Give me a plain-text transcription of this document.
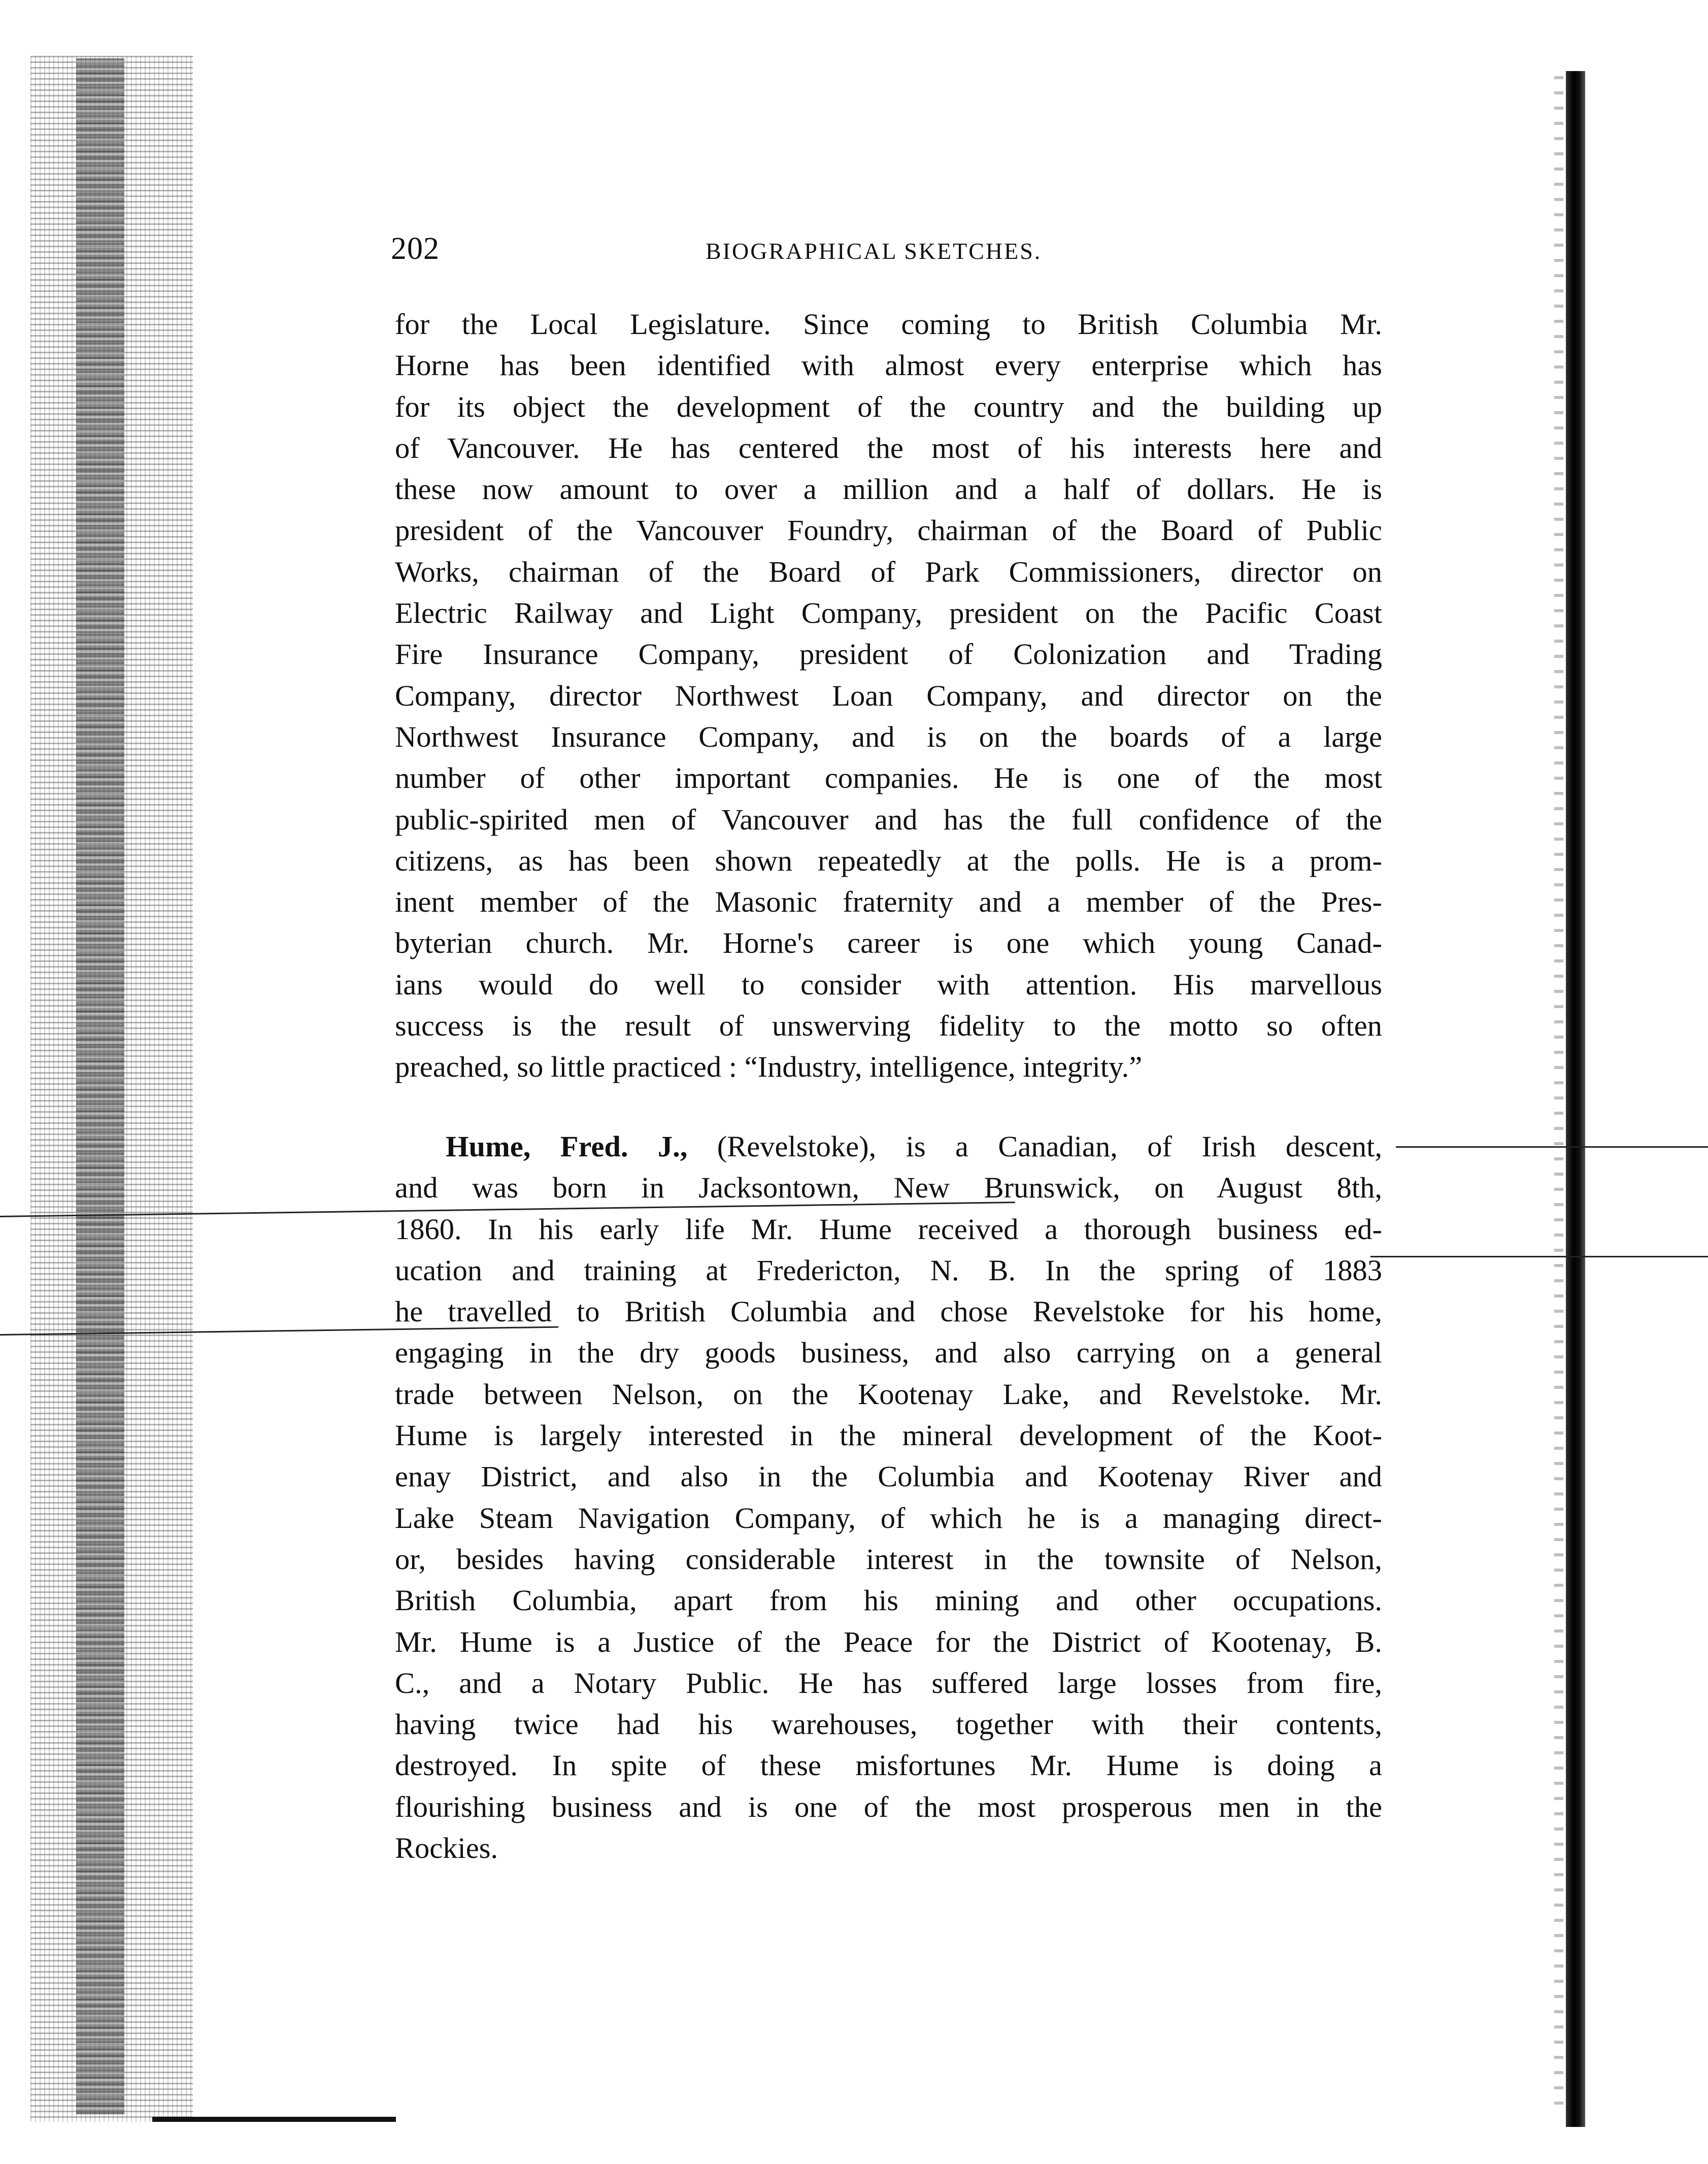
202	BIOGRAPHICAL SKETCHES.
for the Local Legislature. Since coming to British Columbia Mr.
Horne has been identified with almost every enterprise which has
for its object the development of the country and the building up
of Vancouver. He has centered the most of his interests here and
these now amount to over a million and a half of dollars. He is
president of the Vancouver Foundry, chairman of the Board of Public
Works, chairman of the Board of Park Commissioners, director on
Electric Railway and Light Company, president on the Pacific Coast
Fire Insurance Company, president of Colonization and Trading
Company, director Northwest Loan Company, and director on the
Northwest Insurance Company, and is on the boards of a large
number of other important companies. He is one of the most
public-spirited men of Vancouver and has the full confidence of the
citizens, as has been shown repeatedly at the polls. He is a prom-
inent member of the Masonic fraternity and a member of the Pres-
byterian church. Mr. Horne's career is one which young Canad-
ians would do well to consider with attention. His marvellous
success is the result of unswerving fidelity to the motto so often
preached, so little practiced : “Industry, intelligence, integrity.”
Hume, Fred. J., (Revelstoke), is a Canadian, of Irish descent,
and was born in Jacksontown, New Brunswick, on August 8th,
1860. In his early life Mr. Hume received a thorough business ed-
ucation and training at Fredericton, N. B. In the spring of 1883
he travelled to British Columbia and chose Revelstoke for his home,
engaging in the dry goods business, and also carrying on a general
trade between Nelson, on the Kootenay Lake, and Revelstoke. Mr.
Hume is largely interested in the mineral development of the Koot-
enay District, and also in the Columbia and Kootenay River and
Lake Steam Navigation Company, of which he is a managing direct-
or, besides having considerable interest in the townsite of Nelson,
British Columbia, apart from his mining and other occupations.
Mr. Hume is a Justice of the Peace for the District of Kootenay, B.
C., and a Notary Public. He has suffered large losses from fire,
having twice had his warehouses, together with their contents,
destroyed. In spite of these misfortunes Mr. Hume is doing a
flourishing business and is one of the most prosperous men in the
Rockies.
